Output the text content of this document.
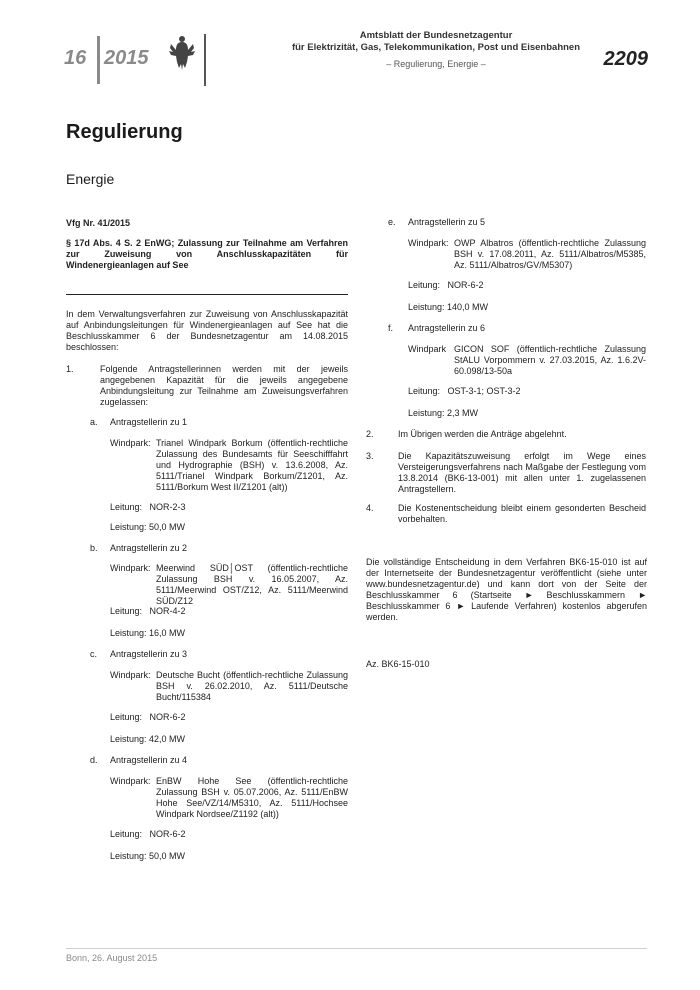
16 2015
Amtsblatt der Bundesnetzagentur
für Elektrizität, Gas, Telekommunikation, Post und Eisenbahnen
– Regulierung, Energie –	2209
Regulierung
Energie
Vfg Nr. 41/2015
§ 17d Abs. 4 S. 2 EnWG; Zulassung zur Teilnahme am Verfahren zur Zuweisung von Anschlusskapazitäten für Windenergieanlagen auf See
In dem Verwaltungsverfahren zur Zuweisung von Anschlusskapazität auf Anbindungsleitungen für Windenergieanlagen auf See hat die Beschlusskammer 6 der Bundesnetzagentur am 14.08.2015 beschlossen:
1.	Folgende Antragstellerinnen werden mit der jeweils angegebenen Kapazität für die jeweils angegebene Anbindungsleitung zur Teilnahme am Zuweisungsverfahren zugelassen:
a. Antragstellerin zu 1
Windpark: Trianel Windpark Borkum (öffentlich-rechtliche Zulassung des Bundesamts für Seeschifffahrt und Hydrographie (BSH) v. 13.6.2008, Az. 5111/Trianel Windpark Borkum/Z1201, Az. 5111/Borkum West II/Z1201 (alt))
Leitung:   NOR-2-3
Leistung: 50,0 MW
b. Antragstellerin zu 2
Windpark: Meerwind SÜD│OST (öffentlich-rechtliche Zulassung BSH v. 16.05.2007, Az. 5111/Meerwind OST/Z12, Az. 5111/Meerwind SÜD/Z12
Leitung:   NOR-4-2
Leistung: 16,0 MW
c. Antragstellerin zu 3
Windpark: Deutsche Bucht (öffentlich-rechtliche Zulassung BSH v. 26.02.2010, Az. 5111/Deutsche Bucht/115384
Leitung:   NOR-6-2
Leistung: 42,0 MW
d. Antragstellerin zu 4
Windpark: EnBW Hohe See (öffentlich-rechtliche Zulassung BSH v. 05.07.2006, Az. 5111/EnBW Hohe See/VZ/14/M5310, Az. 5111/Hochsee Windpark Nordsee/Z1192 (alt))
Leitung:   NOR-6-2
Leistung: 50,0 MW
e. Antragstellerin zu 5
Windpark: OWP Albatros (öffentlich-rechtliche Zulassung BSH v. 17.08.2011, Az. 5111/Albatros/M5385, Az. 5111/Albatros/GV/M5307)
Leitung:   NOR-6-2
Leistung: 140,0 MW
f. Antragstellerin zu 6
Windpark GICON SOF (öffentlich-rechtliche Zulassung StALU Vorpommern v. 27.03.2015, Az. 1.6.2V-60.098/13-50a
Leitung:   OST-3-1; OST-3-2
Leistung: 2,3 MW
2.	Im Übrigen werden die Anträge abgelehnt.
3.	Die Kapazitätszuweisung erfolgt im Wege eines Versteigerungsverfahrens nach Maßgabe der Festlegung vom 13.8.2014 (BK6-13-001) mit allen unter 1. zugelassenen Antragstellern.
4.	Die Kostenentscheidung bleibt einem gesonderten Bescheid vorbehalten.
Die vollständige Entscheidung in dem Verfahren BK6-15-010 ist auf der Internetseite der Bundesnetzagentur veröffentlicht (siehe unter www.bundesnetzagentur.de) und kann dort von der Seite der Beschlusskammer 6 (Startseite ► Beschlusskammern ► Beschlusskammer 6 ► Laufende Verfahren) kostenlos abgerufen werden.
Az. BK6-15-010
Bonn, 26. August 2015
